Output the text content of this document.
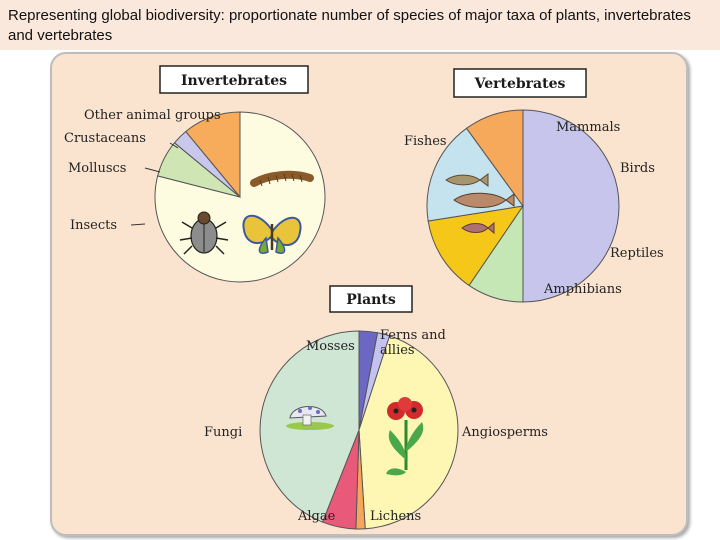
Representing global biodiversity: proportionate number of species of major taxa of plants, invertebrates and vertebrates
Invertebrates	Vertebrates
Plants
Other animal groups
Crustaceans
Molluscs
Insects
Fishes
Mammals
Birds
Reptiles
Amphibians
Mosses
Ferns and
allies
Angiosperms
Fungi
Algae	Lichens
